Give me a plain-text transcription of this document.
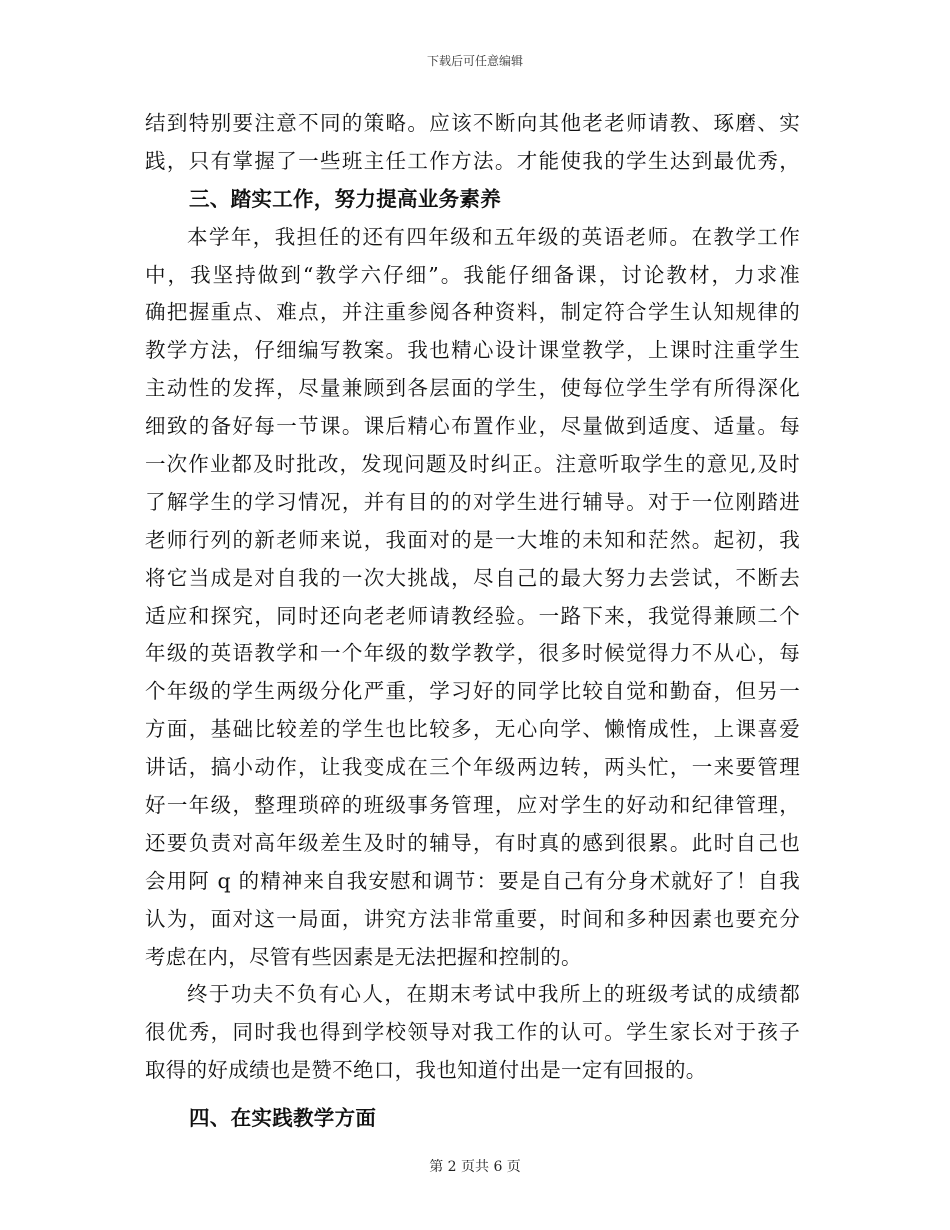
下载后可任意编辑
结到特别要注意不同的策略。应该不断向其他老老师请教、琢磨、实
践，只有掌握了一些班主任工作方法。才能使我的学生达到最优秀，
三、踏实工作，努力提高业务素养
本学年，我担任的还有四年级和五年级的英语老师。在教学工作
中，我坚持做到“教学六仔细”。我能仔细备课，讨论教材，力求准
确把握重点、难点，并注重参阅各种资料，制定符合学生认知规律的
教学方法，仔细编写教案。我也精心设计课堂教学，上课时注重学生
主动性的发挥，尽量兼顾到各层面的学生，使每位学生学有所得深化
细致的备好每一节课。课后精心布置作业，尽量做到适度、适量。每
一次作业都及时批改，发现问题及时纠正。注意听取学生的意见,及时
了解学生的学习情况，并有目的的对学生进行辅导。对于一位刚踏进
老师行列的新老师来说，我面对的是一大堆的未知和茫然。起初，我
将它当成是对自我的一次大挑战，尽自己的最大努力去尝试，不断去
适应和探究，同时还向老老师请教经验。一路下来，我觉得兼顾二个
年级的英语教学和一个年级的数学教学，很多时候觉得力不从心，每
个年级的学生两级分化严重，学习好的同学比较自觉和勤奋，但另一
方面，基础比较差的学生也比较多，无心向学、懒惰成性，上课喜爱
讲话，搞小动作，让我变成在三个年级两边转，两头忙，一来要管理
好一年级，整理琐碎的班级事务管理，应对学生的好动和纪律管理，
还要负责对高年级差生及时的辅导，有时真的感到很累。此时自己也
会用阿 q 的精神来自我安慰和调节：要是自己有分身术就好了！自我
认为，面对这一局面，讲究方法非常重要，时间和多种因素也要充分
考虑在内，尽管有些因素是无法把握和控制的。
终于功夫不负有心人，在期末考试中我所上的班级考试的成绩都
很优秀，同时我也得到学校领导对我工作的认可。学生家长对于孩子
取得的好成绩也是赞不绝口，我也知道付出是一定有回报的。
四、在实践教学方面
第 2 页共 6 页
